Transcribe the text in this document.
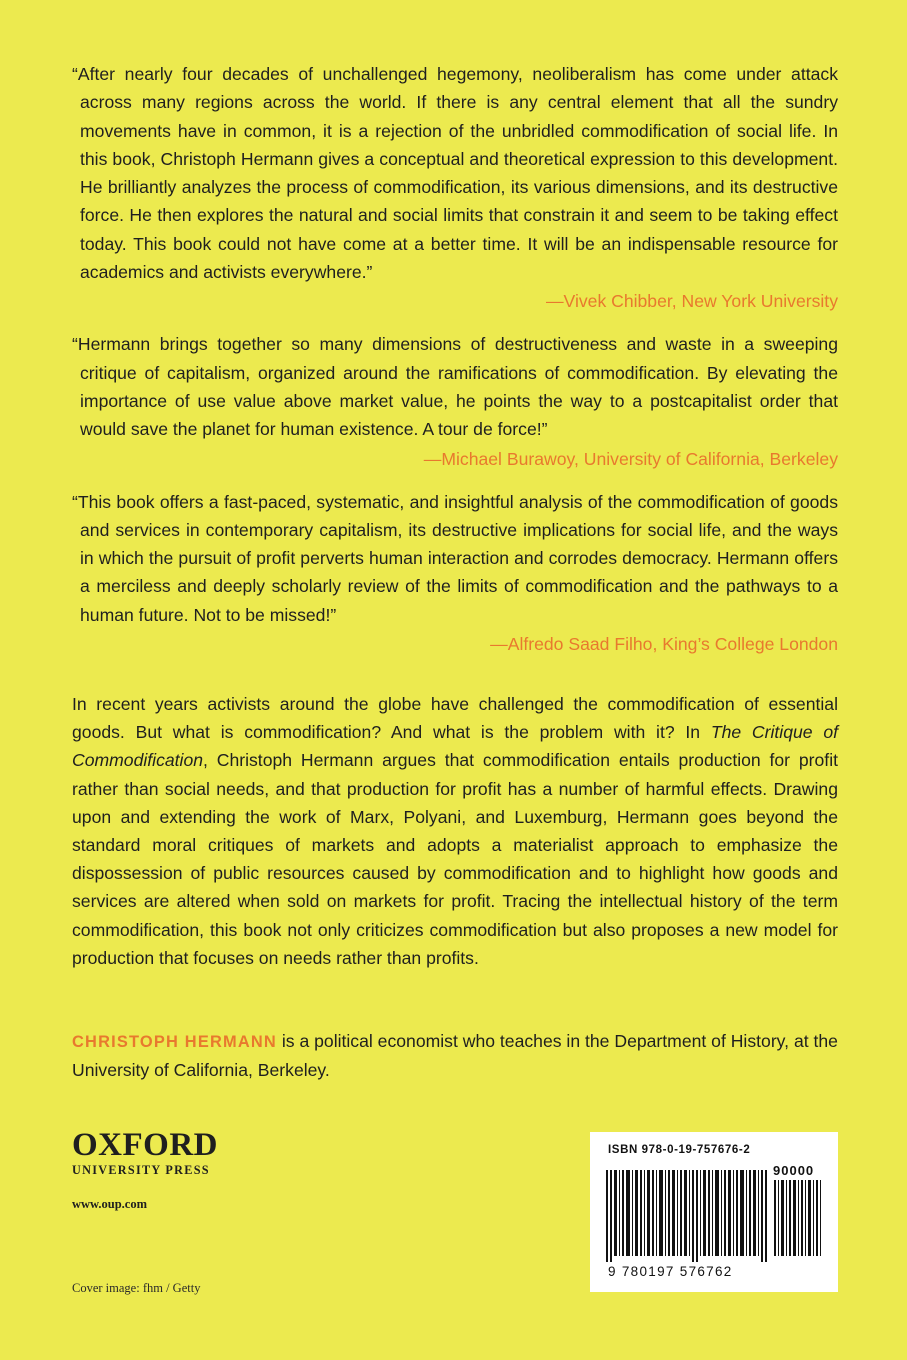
“After nearly four decades of unchallenged hegemony, neoliberalism has come under attack across many regions across the world. If there is any central element that all the sundry movements have in common, it is a rejection of the unbridled commodification of social life. In this book, Christoph Hermann gives a conceptual and theoretical expression to this development. He brilliantly analyzes the process of commodification, its various dimensions, and its destructive force. He then explores the natural and social limits that constrain it and seem to be taking effect today. This book could not have come at a better time. It will be an indispensable resource for academics and activists everywhere.”
—Vivek Chibber, New York University
“Hermann brings together so many dimensions of destructiveness and waste in a sweeping critique of capitalism, organized around the ramifications of commodification. By elevating the importance of use value above market value, he points the way to a postcapitalist order that would save the planet for human existence. A tour de force!”
—Michael Burawoy, University of California, Berkeley
“This book offers a fast-paced, systematic, and insightful analysis of the commodification of goods and services in contemporary capitalism, its destructive implications for social life, and the ways in which the pursuit of profit perverts human interaction and corrodes democracy. Hermann offers a merciless and deeply scholarly review of the limits of commodification and the pathways to a human future. Not to be missed!”
—Alfredo Saad Filho, King’s College London

In recent years activists around the globe have challenged the commodification of essential goods. But what is commodification? And what is the problem with it? In The Critique of Commodification, Christoph Hermann argues that commodification entails production for profit rather than social needs, and that production for profit has a number of harmful effects. Drawing upon and extending the work of Marx, Polyani, and Luxemburg, Hermann goes beyond the standard moral critiques of markets and adopts a materialist approach to emphasize the dispossession of public resources caused by commodification and to highlight how goods and services are altered when sold on markets for profit. Tracing the intellectual history of the term commodification, this book not only criticizes commodification but also proposes a new model for production that focuses on needs rather than profits.

CHRISTOPH HERMANN is a political economist who teaches in the Department of History, at the University of California, Berkeley.

OXFORD
UNIVERSITY PRESS
www.oup.com
Cover image: fhm / Getty
ISBN 978-0-19-757676-2
90000
9 780197 576762
